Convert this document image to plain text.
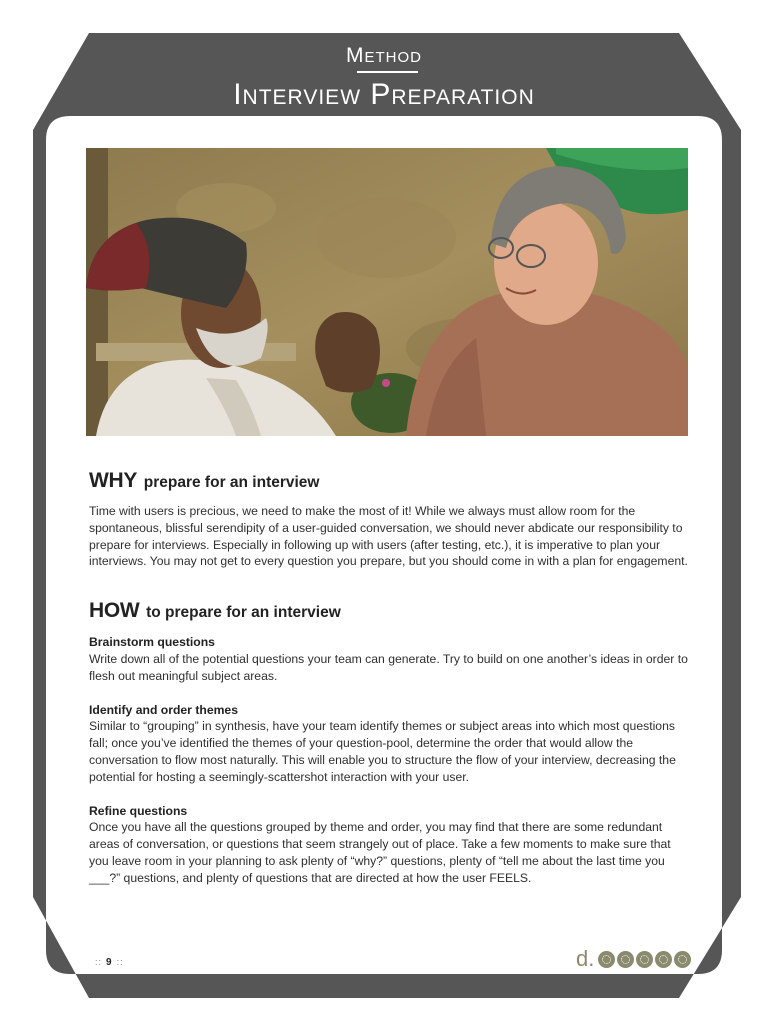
Method
Interview Preparation
WHY prepare for an interview

Time with users is precious, we need to make the most of it! While we always must allow room for the spontaneous, blissful serendipity of a user-guided conversation, we should never abdicate our responsibility to prepare for interviews. Especially in following up with users (after testing, etc.), it is imperative to plan your interviews. You may not get to every question you prepare, but you should come in with a plan for engagement.

HOW to prepare for an interview

Brainstorm questions

Write down all of the potential questions your team can generate. Try to build on one another’s ideas in order to flesh out meaningful subject areas.

Identify and order themes

Similar to “grouping” in synthesis, have your team identify themes or subject areas into which most questions fall; once you’ve identified the themes of your question-pool, determine the order that would allow the conversation to flow most naturally. This will enable you to structure the flow of your interview, decreasing the potential for hosting a seemingly-scattershot interaction with your user.

Refine questions

Once you have all the questions grouped by theme and order, you may find that there are some redundant areas of conversation, or questions that seem strangely out of place. Take a few moments to make sure that you leave room in your planning to ask plenty of “why?” questions, plenty of “tell me about the last time you ___?” questions, and plenty of questions that are directed at how the user FEELS.

:: 9 ::	d.
